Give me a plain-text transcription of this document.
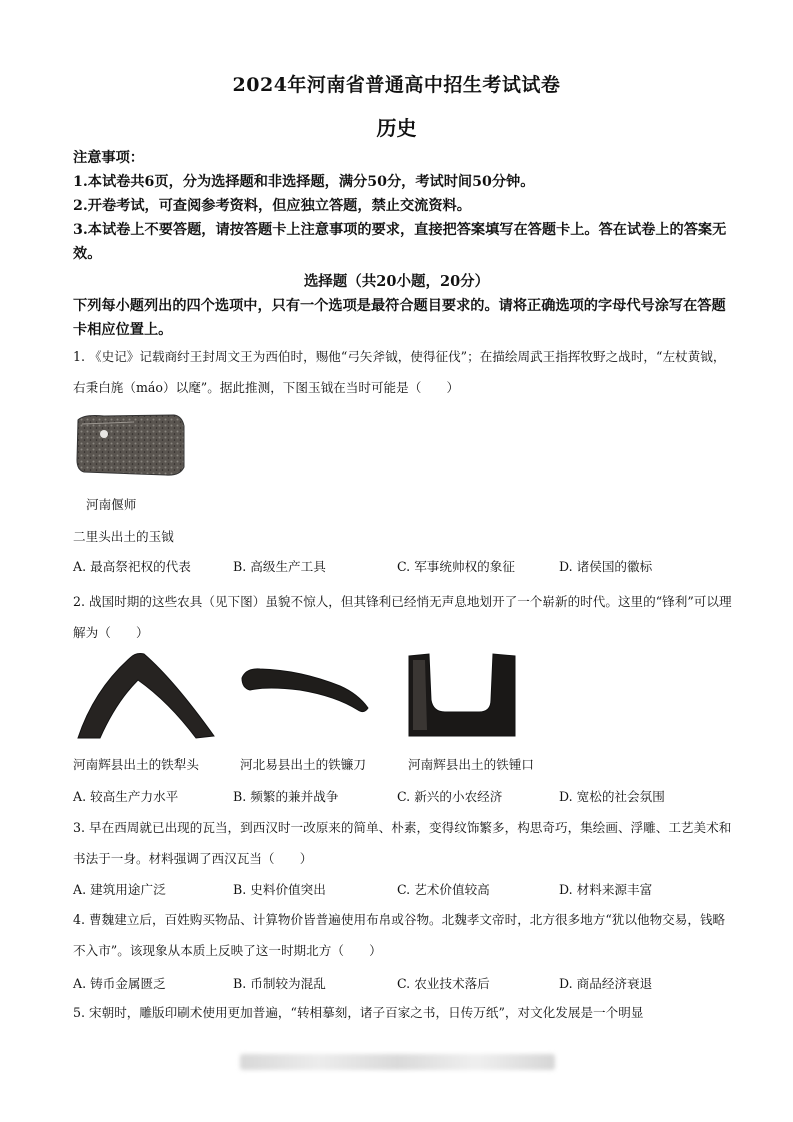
2024年河南省普通高中招生考试试卷
历史
注意事项：
1.本试卷共6页，分为选择题和非选择题，满分50分，考试时间50分钟。
2.开卷考试，可查阅参考资料，但应独立答题，禁止交流资料。
3.本试卷上不要答题，请按答题卡上注意事项的要求，直接把答案填写在答题卡上。答在试卷上的答案无效。
选择题（共20小题，20分）
下列每小题列出的四个选项中，只有一个选项是最符合题目要求的。请将正确选项的字母代号涂写在答题卡相应位置上。
1. 《史记》记载商纣王封周文王为西伯时，赐他“弓矢斧钺，使得征伐”；在描绘周武王指挥牧野之战时，“左杖黄钺，右秉白旄（máo）以麾”。据此推测，下图玉钺在当时可能是（　　）
河南偃师
二里头出土的玉钺
A. 最高祭祀权的代表	B. 高级生产工具	C. 军事统帅权的象征	D. 诸侯国的徽标
2. 战国时期的这些农具（见下图）虽貌不惊人，但其锋利已经悄无声息地划开了一个崭新的时代。这里的“锋利”可以理解为（　　）
河南辉县出土的铁犁头	河北易县出土的铁镰刀	河南辉县出土的铁锺口
A. 较高生产力水平	B. 频繁的兼并战争	C. 新兴的小农经济	D. 宽松的社会氛围
3. 早在西周就已出现的瓦当，到西汉时一改原来的简单、朴素，变得纹饰繁多，构思奇巧，集绘画、浮雕、工艺美术和书法于一身。材料强调了西汉瓦当（　　）
A. 建筑用途广泛	B. 史料价值突出	C. 艺术价值较高	D. 材料来源丰富
4. 曹魏建立后，百姓购买物品、计算物价皆普遍使用布帛或谷物。北魏孝文帝时，北方很多地方“犹以他物交易，钱略不入市”。该现象从本质上反映了这一时期北方（　　）
A. 铸币金属匮乏	B. 币制较为混乱	C. 农业技术落后	D. 商品经济衰退
5. 宋朝时，雕版印刷术使用更加普遍，“转相摹刻，诸子百家之书，日传万纸”，对文化发展是一个明显
